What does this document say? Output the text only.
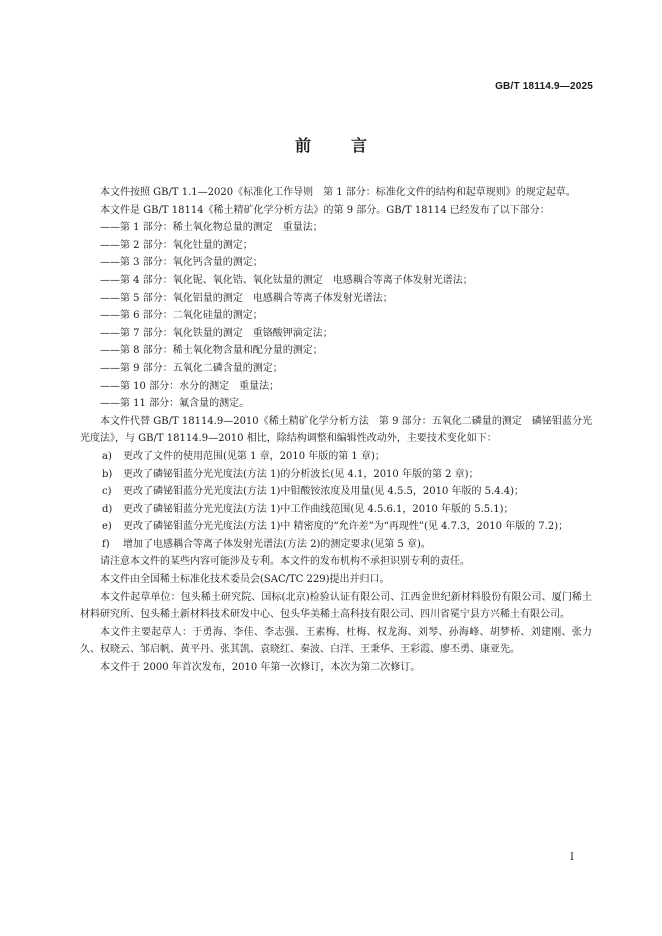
GB/T 18114.9—2025
前言

本文件按照 GB/T 1.1—2020《标准化工作导则　第 1 部分：标准化文件的结构和起草规则》的规定起草。

本文件是 GB/T 18114《稀土精矿化学分析方法》的第 9 部分。GB/T 18114 已经发布了以下部分：

——第 1 部分：稀土氧化物总量的测定　重量法；

——第 2 部分：氧化钍量的测定；

——第 3 部分：氧化钙含量的测定；

——第 4 部分：氧化铌、氧化锆、氧化钛量的测定　电感耦合等离子体发射光谱法；

——第 5 部分：氧化铝量的测定　电感耦合等离子体发射光谱法；

——第 6 部分：二氧化硅量的测定；

——第 7 部分：氧化铁量的测定　重铬酸钾滴定法；

——第 8 部分：稀土氧化物含量和配分量的测定；

——第 9 部分：五氧化二磷含量的测定；

——第 10 部分：水分的测定　重量法；

——第 11 部分：氟含量的测定。

本文件代替 GB/T 18114.9—2010《稀土精矿化学分析方法　第 9 部分：五氧化二磷量的测定　磷铋钼蓝分光光度法》，与 GB/T 18114.9—2010 相比，除结构调整和编辑性改动外，主要技术变化如下：

a) 更改了文件的使用范围(见第 1 章，2010 年版的第 1 章)；

b) 更改了磷铋钼蓝分光光度法(方法 1)的分析波长(见 4.1，2010 年版的第 2 章)；

c) 更改了磷铋钼蓝分光光度法(方法 1)中钼酸铵浓度及用量(见 4.5.5，2010 年版的 5.4.4)；

d) 更改了磷铋钼蓝分光光度法(方法 1)中工作曲线范围(见 4.5.6.1，2010 年版的 5.5.1)；

e) 更改了磷铋钼蓝分光光度法(方法 1)中 精密度的“允许差”为“再现性”(见 4.7.3，2010 年版的 7.2)；

f) 增加了电感耦合等离子体发射光谱法(方法 2)的测定要求(见第 5 章)。

请注意本文件的某些内容可能涉及专利。本文件的发布机构不承担识别专利的责任。

本文件由全国稀土标准化技术委员会(SAC/TC 229)提出并归口。

本文件起草单位：包头稀土研究院、国标(北京)检验认证有限公司、江西金世纪新材料股份有限公司、厦门稀土材料研究所、包头稀土新材料技术研发中心、包头华美稀土高科技有限公司、四川省冕宁县方兴稀土有限公司。

本文件主要起草人：于勇海、李佳、李志强、王素梅、杜梅、权龙海、刘琴、孙海峰、胡梦桥、刘建刚、张力久、权晓云、邹启帆、黄平丹、张其凯、袁晓红、秦波、白洋、王秉华、王彩霞、廖丕勇、康亚先。

本文件于 2000 年首次发布，2010 年第一次修订，本次为第二次修订。

I
